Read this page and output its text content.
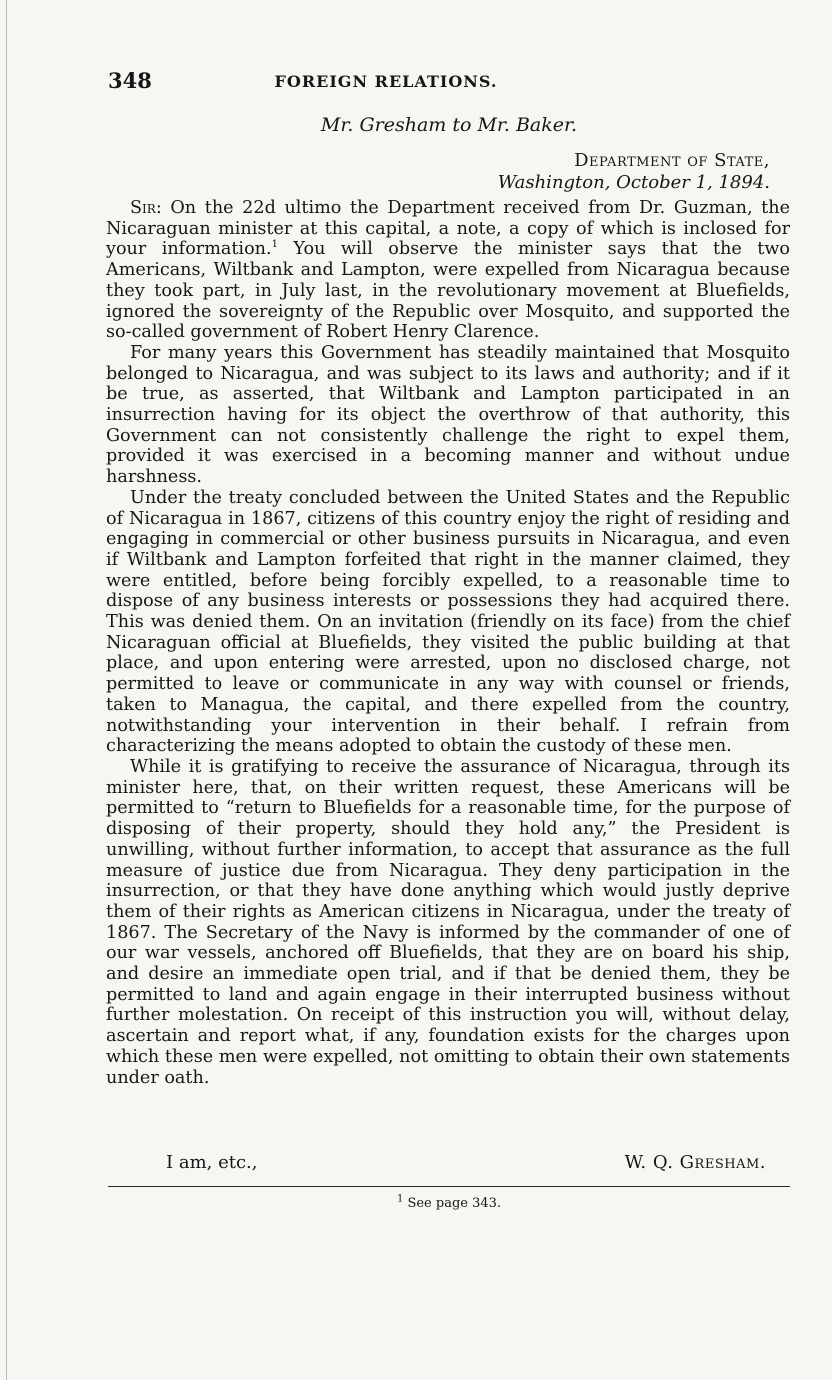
348	FOREIGN RELATIONS.
Mr. Gresham to Mr. Baker.
Department of State,
Washington, October 1, 1894.

Sir: On the 22d ultimo the Department received from Dr. Guzman, the Nicaraguan minister at this capital, a note, a copy of which is inclosed for your information.$^1$ You will observe the minister says that the two Americans, Wiltbank and Lampton, were expelled from Nicaragua because they took part, in July last, in the revolutionary movement at Bluefields, ignored the sovereignty of the Republic over Mosquito, and supported the so-called government of Robert Henry Clarence.

For many years this Government has steadily maintained that Mosquito belonged to Nicaragua, and was subject to its laws and authority; and if it be true, as asserted, that Wiltbank and Lampton participated in an insurrection having for its object the overthrow of that authority, this Government can not consistently challenge the right to expel them, provided it was exercised in a becoming manner and without undue harshness.

Under the treaty concluded between the United States and the Republic of Nicaragua in 1867, citizens of this country enjoy the right of residing and engaging in commercial or other business pursuits in Nicaragua, and even if Wiltbank and Lampton forfeited that right in the manner claimed, they were entitled, before being forcibly expelled, to a reasonable time to dispose of any business interests or possessions they had acquired there. This was denied them. On an invitation (friendly on its face) from the chief Nicaraguan official at Bluefields, they visited the public building at that place, and upon entering were arrested, upon no disclosed charge, not permitted to leave or communicate in any way with counsel or friends, taken to Managua, the capital, and there expelled from the country, notwithstanding your intervention in their behalf. I refrain from characterizing the means adopted to obtain the custody of these men.

While it is gratifying to receive the assurance of Nicaragua, through its minister here, that, on their written request, these Americans will be permitted to “return to Bluefields for a reasonable time, for the purpose of disposing of their property, should they hold any,” the President is unwilling, without further information, to accept that assurance as the full measure of justice due from Nicaragua. They deny participation in the insurrection, or that they have done anything which would justly deprive them of their rights as American citizens in Nicaragua, under the treaty of 1867. The Secretary of the Navy is informed by the commander of one of our war vessels, anchored off Bluefields, that they are on board his ship, and desire an immediate open trial, and if that be denied them, they be permitted to land and again engage in their interrupted business without further molestation. On receipt of this instruction you will, without delay, ascertain and report what, if any, foundation exists for the charges upon which these men were expelled, not omitting to obtain their own statements under oath.

I am, etc.,	W. Q. Gresham.
$^1$ See page 343.
